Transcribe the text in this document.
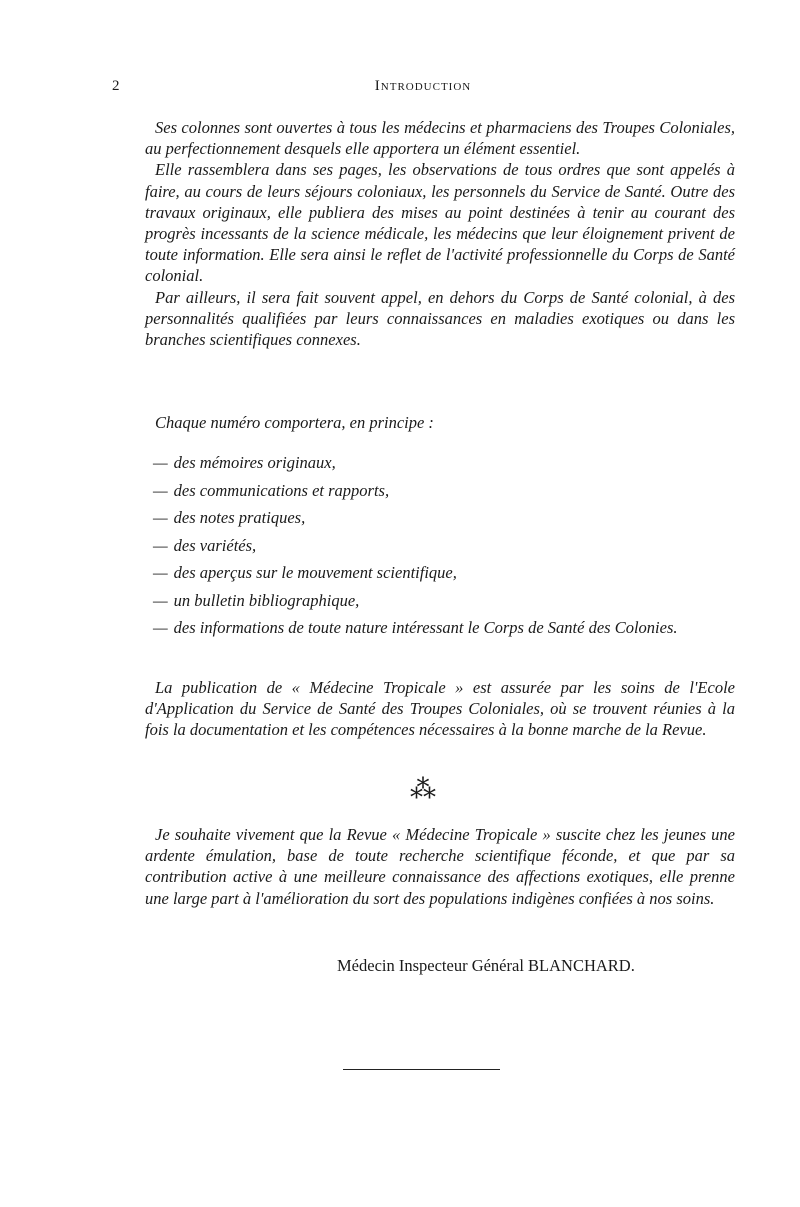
2	Introduction

Ses colonnes sont ouvertes à tous les médecins et pharmaciens des Troupes Coloniales, au perfectionnement desquels elle apportera un élément essentiel.

Elle rassemblera dans ses pages, les observations de tous ordres que sont appelés à faire, au cours de leurs séjours coloniaux, les personnels du Service de Santé. Outre des travaux originaux, elle publiera des mises au point destinées à tenir au courant des progrès incessants de la science médicale, les médecins que leur éloignement privent de toute information. Elle sera ainsi le reflet de l'activité professionnelle du Corps de Santé colonial.

Par ailleurs, il sera fait souvent appel, en dehors du Corps de Santé colonial, à des personnalités qualifiées par leurs connaissances en maladies exotiques ou dans les branches scientifiques connexes.

Chaque numéro comportera, en principe :
— des mémoires originaux,
— des communications et rapports,
— des notes pratiques,
— des variétés,
— des aperçus sur le mouvement scientifique,
— un bulletin bibliographique,
— des informations de toute nature intéressant le Corps de Santé des Colonies.

La publication de « Médecine Tropicale » est assurée par les soins de l'Ecole d'Application du Service de Santé des Troupes Coloniales, où se trouvent réunies à la fois la documentation et les compétences nécessaires à la bonne marche de la Revue.

⁂

Je souhaite vivement que la Revue « Médecine Tropicale » suscite chez les jeunes une ardente émulation, base de toute recherche scientifique féconde, et que par sa contribution active à une meilleure connaissance des affections exotiques, elle prenne une large part à l'amélioration du sort des populations indigènes confiées à nos soins.

Médecin Inspecteur Général BLANCHARD.
